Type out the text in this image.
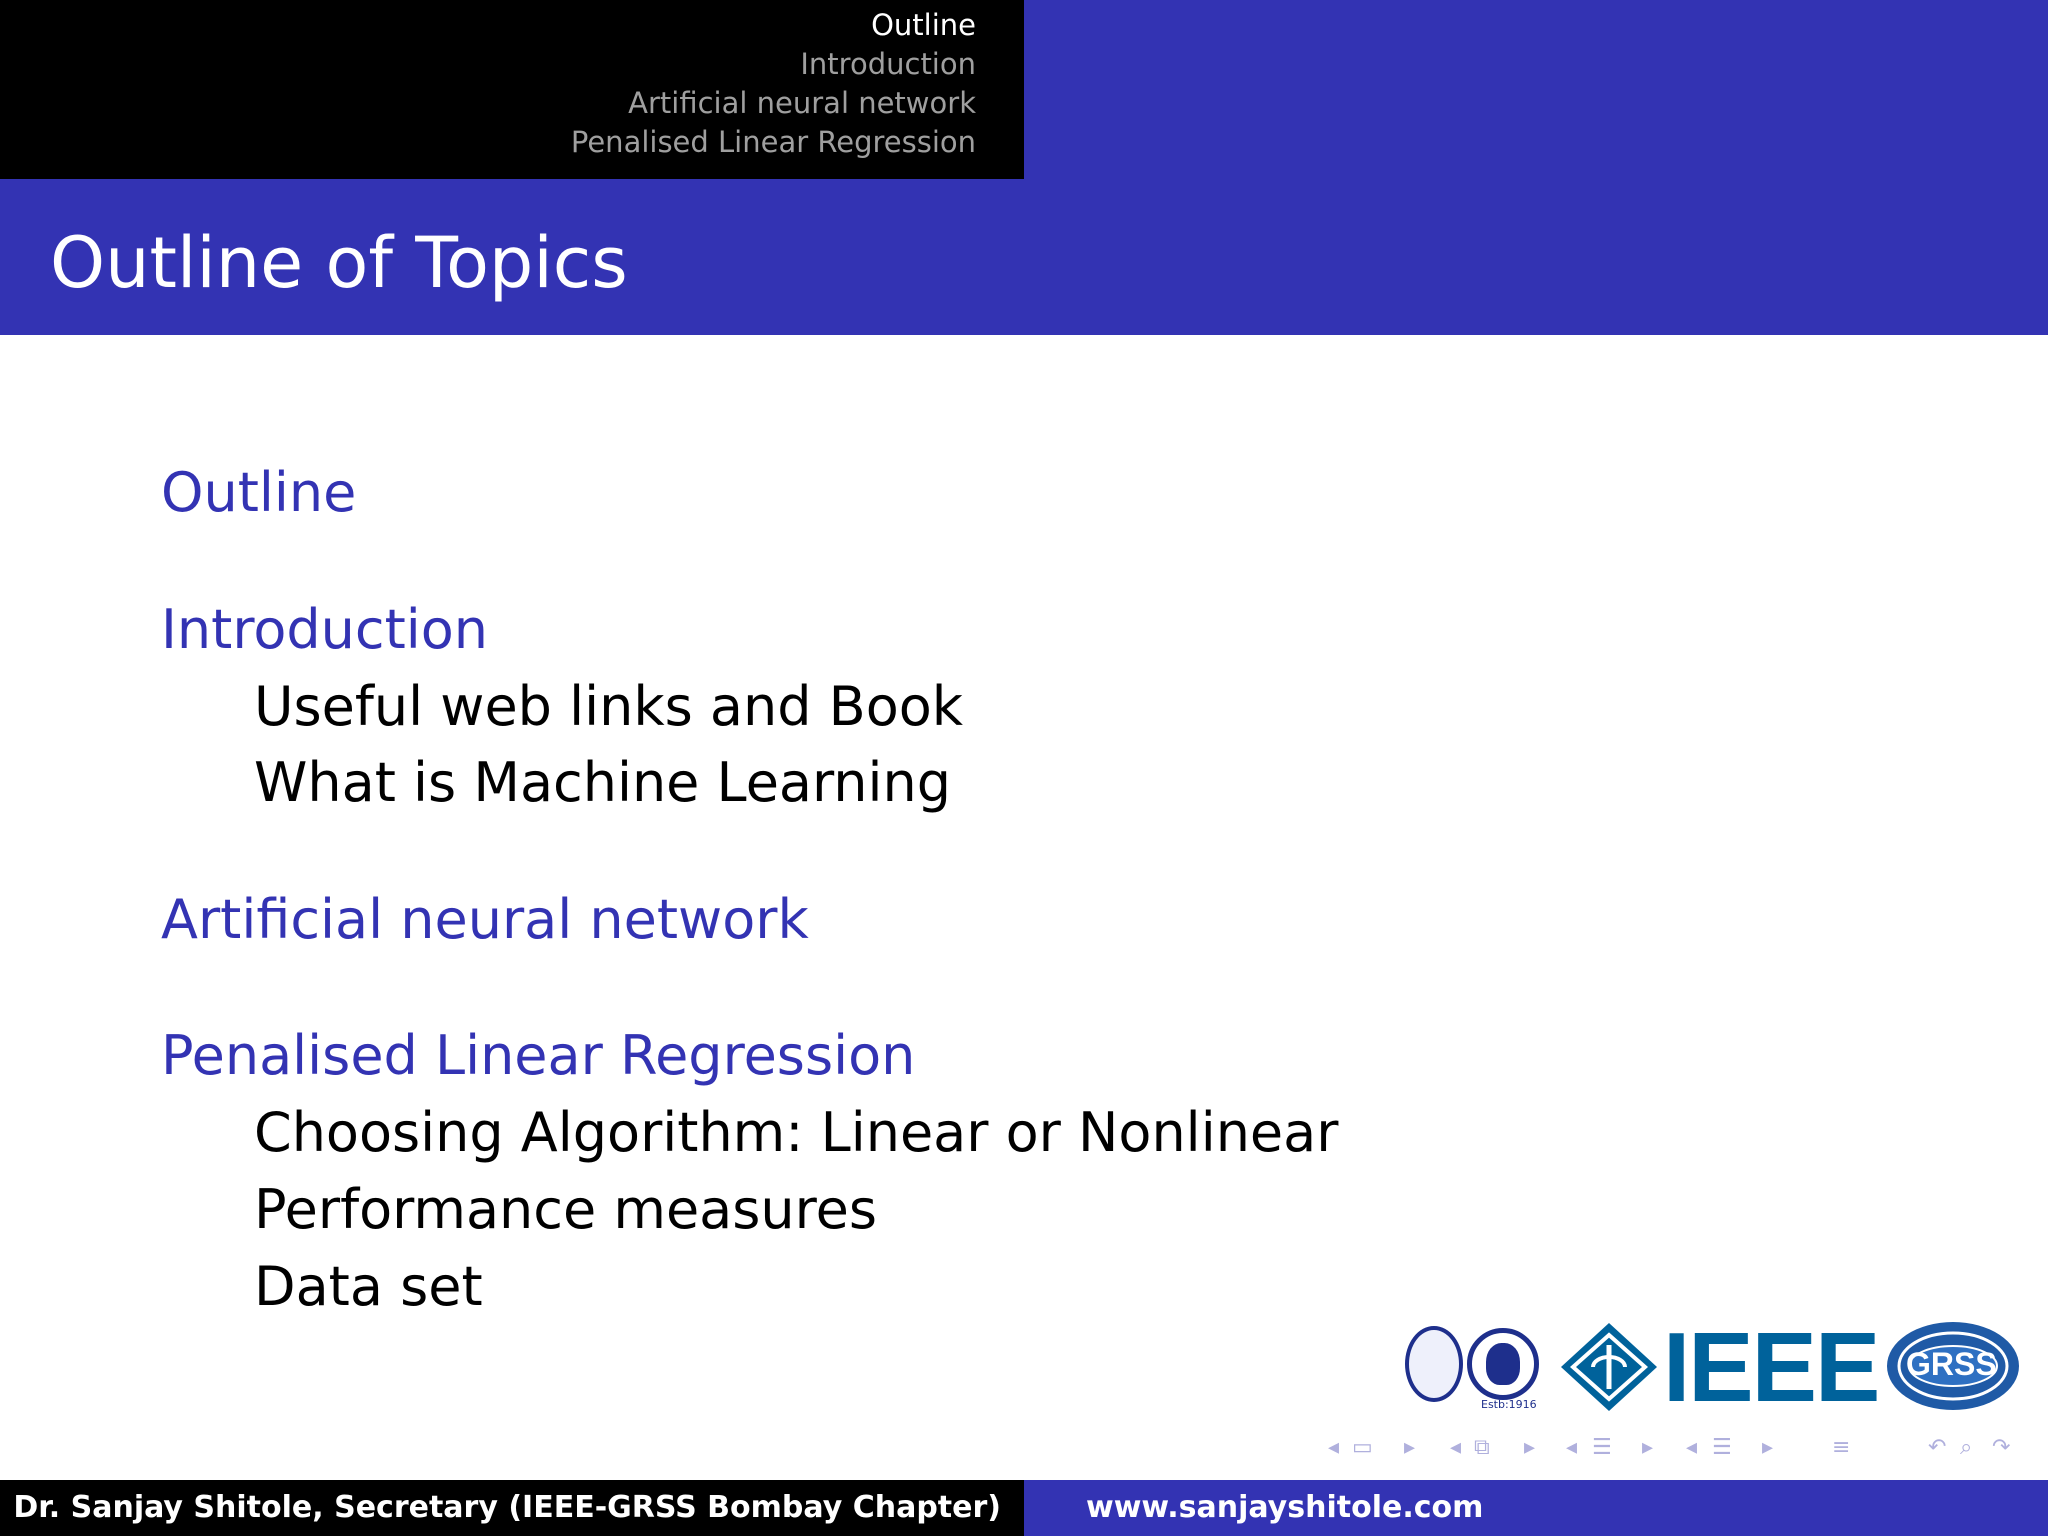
Outline
Introduction
Artificial neural network
Penalised Linear Regression
Outline of Topics
Outline
Introduction
Useful web links and Book
What is Machine Learning
Artificial neural network
Penalised Linear Regression
Choosing Algorithm: Linear or Nonlinear
Performance measures
Data set
Estb:1916 IEEE GRSS
◂ ▭ ▸ ◂ ⧉ ▸ ◂ ☰ ▸ ◂ ☰ ▸	≡	↶ ⌕ ↷
Dr. Sanjay Shitole, Secretary (IEEE-GRSS Bombay Chapter)	www.sanjayshitole.com
